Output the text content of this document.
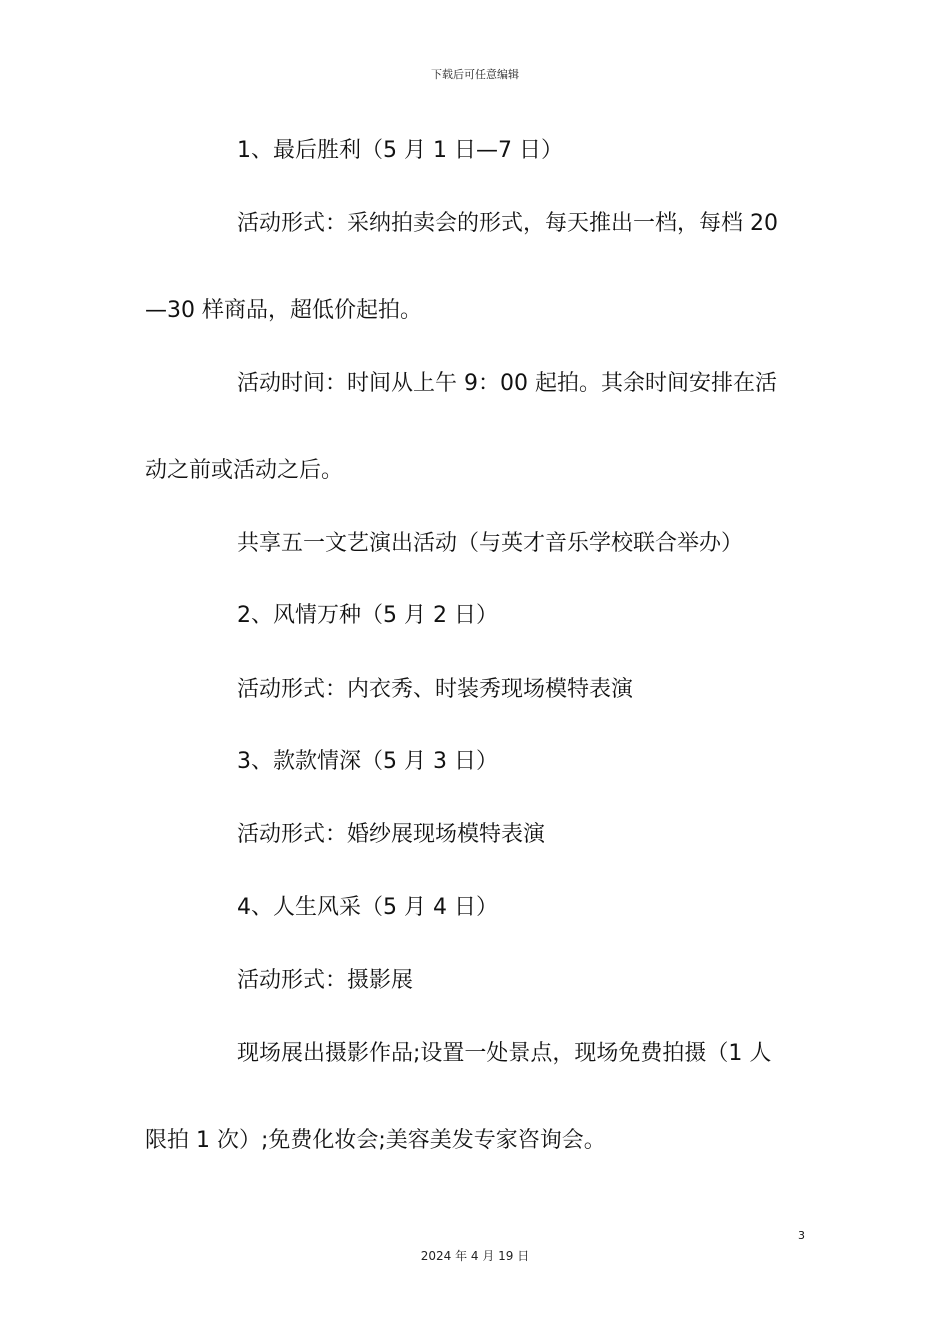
下载后可任意编辑
1、最后胜利（5 月 1 日—7 日）
活动形式：采纳拍卖会的形式，每天推出一档，每档 20
—30 样商品，超低价起拍。
活动时间：时间从上午 9：00 起拍。其余时间安排在活
动之前或活动之后。
共享五一文艺演出活动（与英才音乐学校联合举办）
2、风情万种（5 月 2 日）
活动形式：内衣秀、时装秀现场模特表演
3、款款情深（5 月 3 日）
活动形式：婚纱展现场模特表演
4、人生风采（5 月 4 日）
活动形式：摄影展
现场展出摄影作品;设置一处景点，现场免费拍摄（1 人
限拍 1 次）;免费化妆会;美容美发专家咨询会。
3
2024 年 4 月 19 日
